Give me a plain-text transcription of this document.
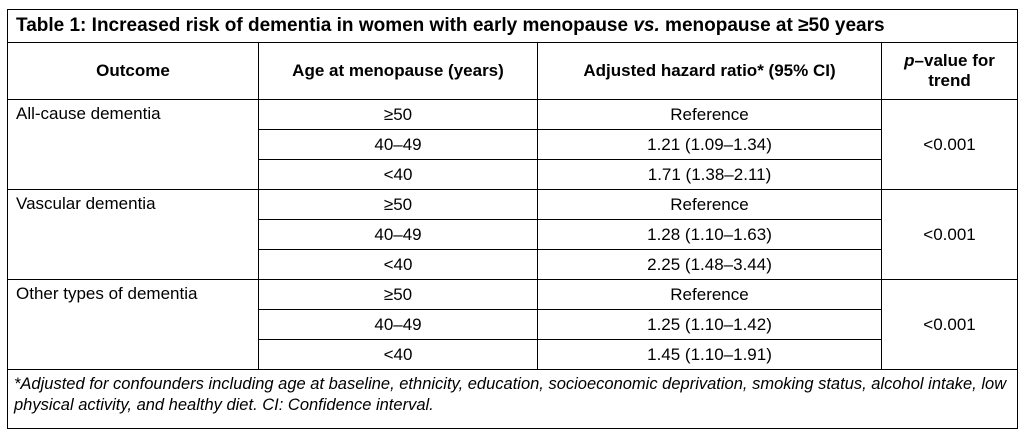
Table 1: Increased risk of dementia in women with early menopause vs. menopause at ≥50 years			
Outcome	Age at menopause (years)	Adjusted hazard ratio* (95% CI)	p–value for trend
All-cause dementia	≥50	Reference	<0.001
	40–49	1.21 (1.09–1.34)	
	<40	1.71 (1.38–2.11)	
Vascular dementia	≥50	Reference	<0.001
	40–49	1.28 (1.10–1.63)	
	<40	2.25 (1.48–3.44)	
Other types of dementia	≥50	Reference	<0.001
	40–49	1.25 (1.10–1.42)	
	<40	1.45 (1.10–1.91)	
*Adjusted for confounders including age at baseline, ethnicity, education, socioeconomic deprivation, smoking status, alcohol intake, low physical activity, and healthy diet. CI: Confidence interval.			
